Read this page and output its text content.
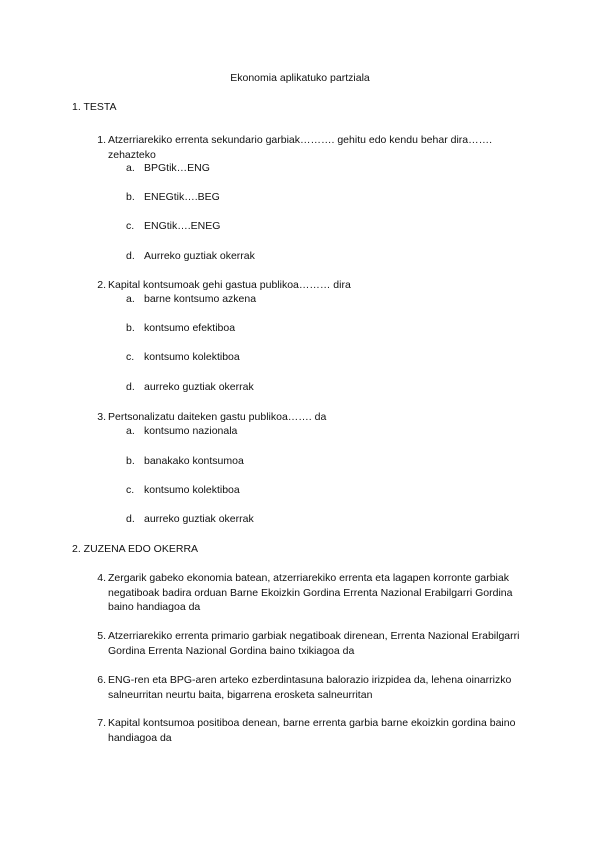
Ekonomia aplikatuko partziala
1. TESTA
1. Atzerriarekiko errenta sekundario garbiak………. gehitu edo kendu behar dira……. zehazteko
a. BPGtik…ENG
b. ENEGtik….BEG
c. ENGtik….ENEG
d. Aurreko guztiak okerrak
2. Kapital kontsumoak gehi gastua publikoa……… dira
a. barne kontsumo azkena
b. kontsumo efektiboa
c. kontsumo kolektiboa
d. aurreko guztiak okerrak
3. Pertsonalizatu daiteken gastu publikoa……. da
a. kontsumo nazionala
b. banakako kontsumoa
c. kontsumo kolektiboa
d. aurreko guztiak okerrak
2. ZUZENA EDO OKERRA
4. Zergarik gabeko ekonomia batean, atzerriarekiko errenta eta lagapen korronte garbiak negatiboak badira orduan Barne Ekoizkin Gordina Errenta Nazional Erabilgarri Gordina baino handiagoa da
5. Atzerriarekiko errenta primario garbiak negatiboak direnean, Errenta Nazional Erabilgarri Gordina Errenta Nazional Gordina baino txikiagoa da
6. ENG-ren eta BPG-aren arteko ezberdintasuna balorazio irizpidea da, lehena oinarrizko salneurritan neurtu baita, bigarrena erosketa salneurritan
7. Kapital kontsumoa positiboa denean, barne errenta garbia barne ekoizkin gordina baino handiagoa da
